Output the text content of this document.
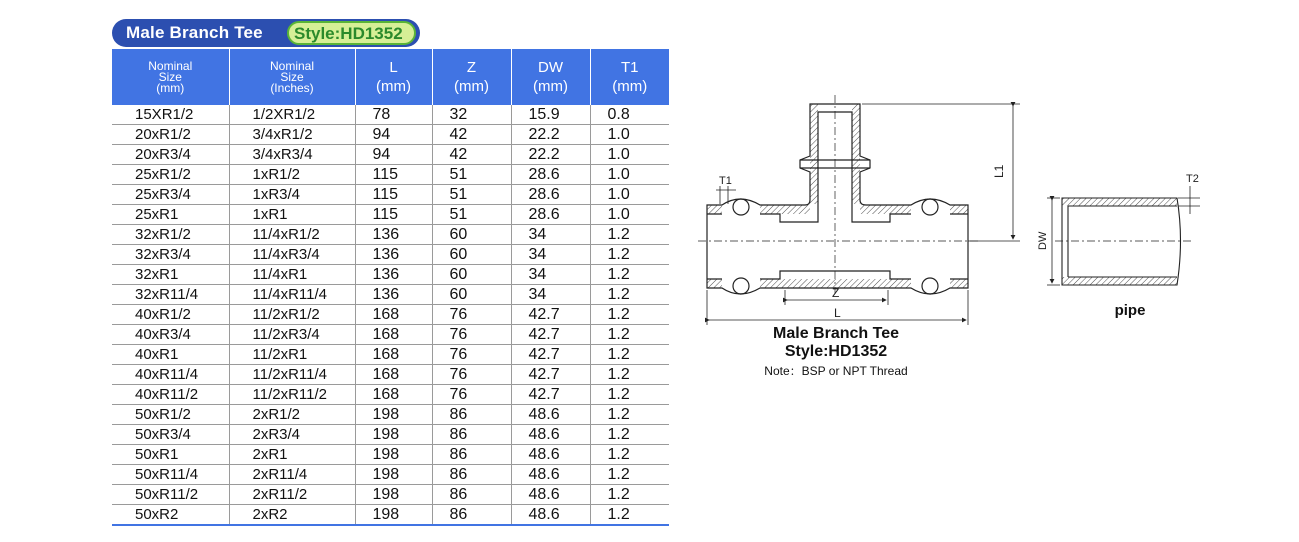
Male Branch Tee Style:HD1352
Nominal
Size
(mm)	Nominal
Size
(Inches)	L
(mm)	Z
(mm)	DW
(mm)	T1
(mm)

15XR1/2	1/2XR1/2	78	32	15.9	0.8
20xR1/2	3/4xR1/2	94	42	22.2	1.0
20xR3/4	3/4xR3/4	94	42	22.2	1.0
25xR1/2	1xR1/2	115	51	28.6	1.0
25xR3/4	1xR3/4	115	51	28.6	1.0
25xR1	1xR1	115	51	28.6	1.0
32xR1/2	11/4xR1/2	136	60	34	1.2
32xR3/4	11/4xR3/4	136	60	34	1.2
32xR1	11/4xR1	136	60	34	1.2
32xR11/4	11/4xR11/4	136	60	34	1.2
40xR1/2	11/2xR1/2	168	76	42.7	1.2
40xR3/4	11/2xR3/4	168	76	42.7	1.2
40xR1	11/2xR1	168	76	42.7	1.2
40xR11/4	11/2xR11/4	168	76	42.7	1.2
40xR11/2	11/2xR11/2	168	76	42.7	1.2
50xR1/2	2xR1/2	198	86	48.6	1.2
50xR3/4	2xR3/4	198	86	48.6	1.2
50xR1	2xR1	198	86	48.6	1.2
50xR11/4	2xR11/4	198	86	48.6	1.2
50xR11/2	2xR11/2	198	86	48.6	1.2
50xR2	2xR2	198	86	48.6	1.2
T1
L1
Z
L
T2
DW
Male Branch Tee
Style:HD1352
Note：BSP or NPT Thread
pipe
